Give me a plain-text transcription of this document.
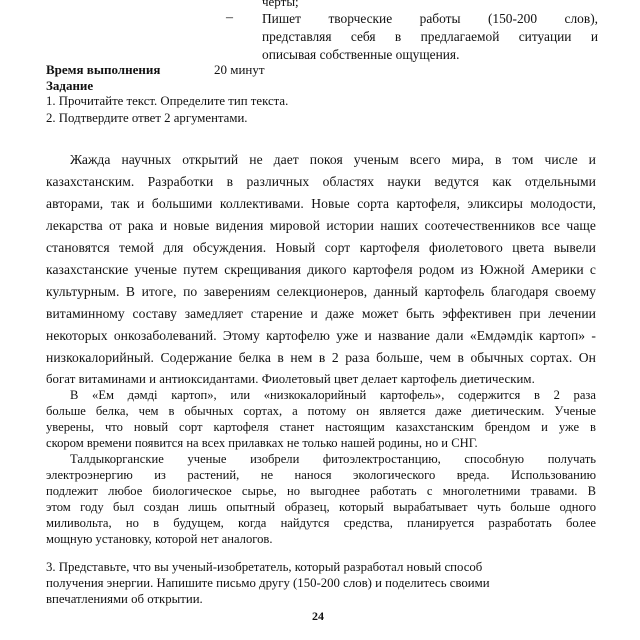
черты;
– Пишет творческие работы (150-200 слов),
представляя себя в предлагаемой ситуации и
описывая собственные ощущения.
Время выполнения	20 минут
Задание
1. Прочитайте текст. Определите тип текста.
2. Подтвердите ответ 2 аргументами.
Жажда научных открытий не дает покоя ученым всего мира, в том числе и
казахстанским. Разработки в различных областях науки ведутся как отдельными
авторами, так и большими коллективами. Новые сорта картофеля, эликсиры молодости,
лекарства от рака и новые видения мировой истории наших соотечественников все чаще
становятся темой для обсуждения. Новый сорт картофеля фиолетового цвета вывели
казахстанские ученые путем скрещивания дикого картофеля родом из Южной Америки с
культурным. В итоге, по заверениям селекционеров, данный картофель благодаря своему
витаминному составу замедляет старение и даже может быть эффективен при лечении
некоторых онкозаболеваний. Этому картофелю уже и название дали «Емдәмдік картоп» -
низкокалорийный. Содержание белка в нем в 2 раза больше, чем в обычных сортах. Он
богат витаминами и антиоксидантами. Фиолетовый цвет делает картофель диетическим.
В «Ем дәмді картоп», или «низкокалорийный картофель», содержится в 2 раза
больше белка, чем в обычных сортах, а потому он является даже диетическим. Ученые
уверены, что новый сорт картофеля станет настоящим казахстанским брендом и уже в
скором времени появится на всех прилавках не только нашей родины, но и СНГ.
Талдыкорганские ученые изобрели фитоэлектростанцию, способную получать
электроэнергию из растений, не нанося экологического вреда. Использованию
подлежит любое биологическое сырье, но выгоднее работать с многолетними травами. В
этом году был создан лишь опытный образец, который вырабатывает чуть больше одного
миливольта, но в будущем, когда найдутся средства, планируется разработать более
мощную установку, которой нет аналогов.
3. Представьте, что вы ученый-изобретатель, который разработал новый способ
получения энергии. Напишите письмо другу (150-200 слов) и поделитесь своими
впечатлениями об открытии.
24
